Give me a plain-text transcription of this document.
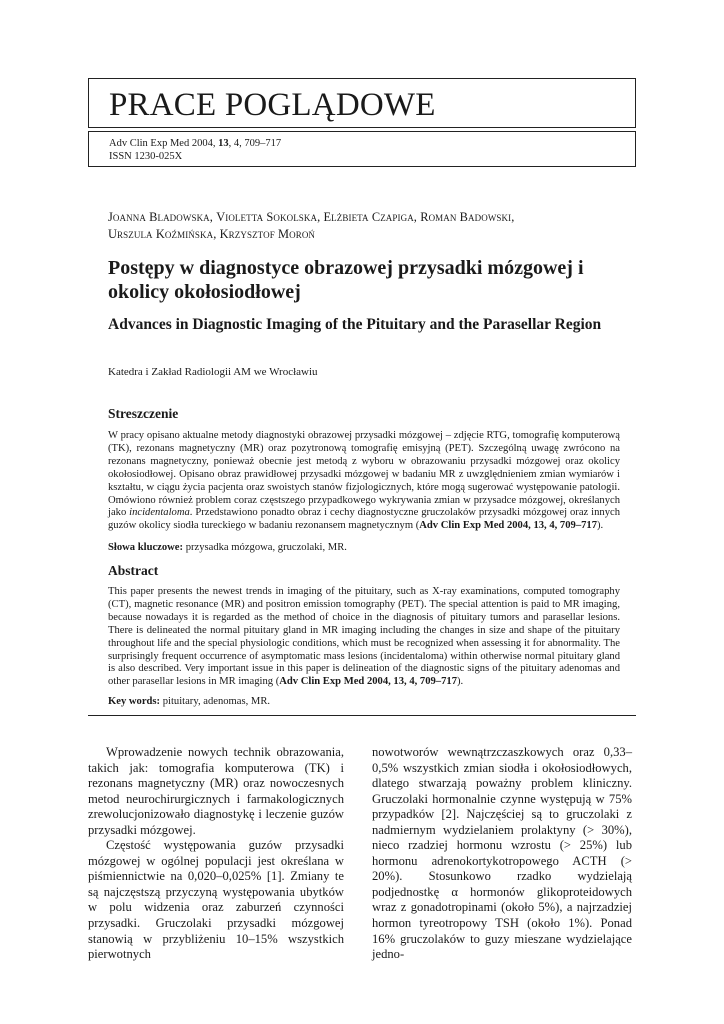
PRACE POGLĄDOWE
Adv Clin Exp Med 2004, 13, 4, 709–717
ISSN 1230-025X
Joanna Bladowska, Violetta Sokolska, Elżbieta Czapiga, Roman Badowski,
Urszula Koźmińska, Krzysztof Moroń
Postępy w diagnostyce obrazowej przysadki mózgowej i okolicy okołosiodłowej
Advances in Diagnostic Imaging of the Pituitary and the Parasellar Region
Katedra i Zakład Radiologii AM we Wrocławiu
Streszczenie
W pracy opisano aktualne metody diagnostyki obrazowej przysadki mózgowej – zdjęcie RTG, tomografię komputerową (TK), rezonans magnetyczny (MR) oraz pozytronową tomografię emisyjną (PET). Szczególną uwagę zwrócono na rezonans magnetyczny, ponieważ obecnie jest metodą z wyboru w obrazowaniu przysadki mózgowej oraz okolicy okołosiodłowej. Opisano obraz prawidłowej przysadki mózgowej w badaniu MR z uwzględnieniem zmian wymiarów i kształtu, w ciągu życia pacjenta oraz swoistych stanów fizjologicznych, które mogą sugerować występowanie patologii. Omówiono również problem coraz częstszego przypadkowego wykrywania zmian w przysadce mózgowej, określanych jako incidentaloma. Przedstawiono ponadto obraz i cechy diagnostyczne gruczolaków przysadki mózgowej oraz innych guzów okolicy siodła tureckiego w badaniu rezonansem magnetycznym (Adv Clin Exp Med 2004, 13, 4, 709–717).
Słowa kluczowe: przysadka mózgowa, gruczolaki, MR.
Abstract
This paper presents the newest trends in imaging of the pituitary, such as X-ray examinations, computed tomography (CT), magnetic resonance (MR) and positron emission tomography (PET). The special attention is paid to MR imaging, because nowadays it is regarded as the method of choice in the diagnosis of pituitary tumors and parasellar lesions. There is delineated the normal pituitary gland in MR imaging including the changes in size and shape of the pituitary throughout life and the special physiologic conditions, which must be recognized when assessing it for abnormality. The surprisingly frequent occurrence of asymptomatic mass lesions (incidentaloma) within otherwise normal pituitary gland is also described. Very important issue in this paper is delineation of the diagnostic signs of the pituitary adenomas and other parasellar lesions in MR imaging (Adv Clin Exp Med 2004, 13, 4, 709–717).
Key words: pituitary, adenomas, MR.

Wprowadzenie nowych technik obrazowania, takich jak: tomografia komputerowa (TK) i rezonans magnetyczny (MR) oraz nowoczesnych metod neurochirurgicznych i farmakologicznych zrewolucjonizowało diagnostykę i leczenie guzów przysadki mózgowej.

Częstość występowania guzów przysadki mózgowej w ogólnej populacji jest określana w piśmiennictwie na 0,020–0,025% [1]. Zmiany te są najczęstszą przyczyną występowania ubytków w polu widzenia oraz zaburzeń czynności przysadki. Gruczolaki przysadki mózgowej stanowią w przybliżeniu 10–15% wszystkich pierwotnych

nowotworów wewnątrzczaszkowych oraz 0,33–0,5% wszystkich zmian siodła i okołosiodłowych, dlatego stwarzają poważny problem kliniczny. Gruczolaki hormonalnie czynne występują w 75% przypadków [2]. Najczęściej są to gruczolaki z nadmiernym wydzielaniem prolaktyny (> 30%), nieco rzadziej hormonu wzrostu (> 25%) lub hormonu adrenokortykotropowego ACTH (> 20%). Stosunkowo rzadko wydzielają podjednostkę α hormonów glikoproteidowych wraz z gonadotropinami (około 5%), a najrzadziej hormon tyreotropowy TSH (około 1%). Ponad 16% gruczolaków to guzy mieszane wydzielające jedno-
